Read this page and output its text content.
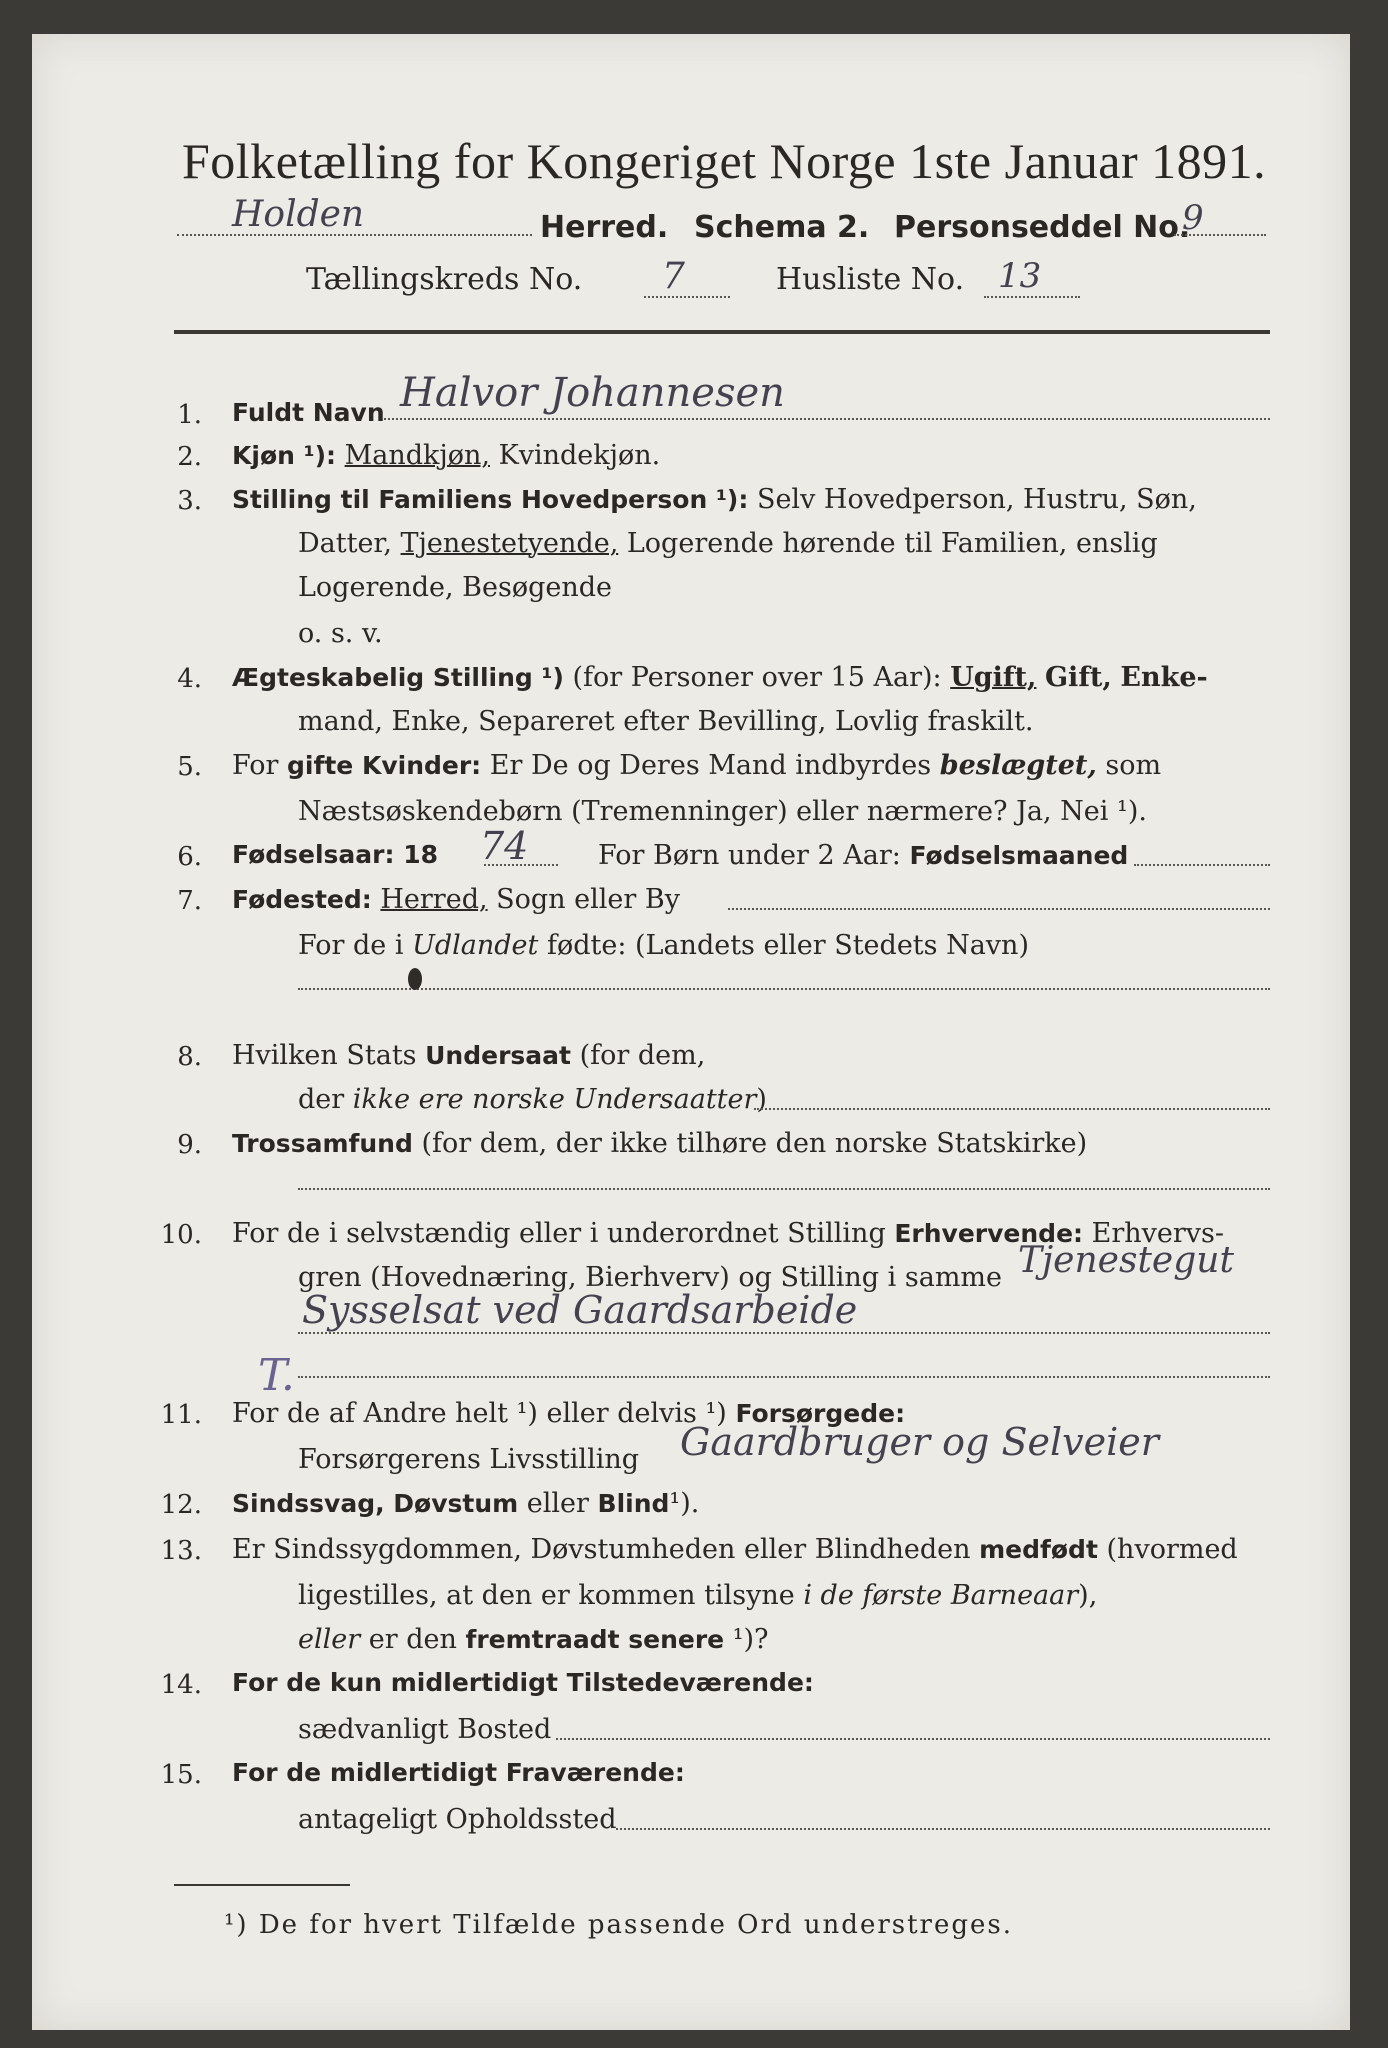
Folketælling for Kongeriget Norge 1ste Januar 1891.
Holden	Herred. Schema 2. Personseddel No.
9
Tællingskreds No. 7	Husliste No. 13
1. Fuldt Navn Halvor Johannesen
2. Kjøn ¹): Mandkjøn, Kvindekjøn.
3. Stilling til Familiens Hovedperson ¹): Selv Hovedperson, Hustru, Søn,
Datter, Tjenestetyende, Logerende hørende til Familien, enslig
Logerende, Besøgende
o. s. v.
4. Ægteskabelig Stilling ¹) (for Personer over 15 Aar): Ugift, Gift, Enke-
mand, Enke, Separeret efter Bevilling, Lovlig fraskilt.
5. For gifte Kvinder: Er De og Deres Mand indbyrdes beslægtet, som
Næstsøskendebørn (Tremenninger) eller nærmere? Ja, Nei ¹).
6. Fødselsaar: 18 74	For Børn under 2 Aar: Fødselsmaaned
7. Fødested: Herred, Sogn eller By
For de i Udlandet fødte: (Landets eller Stedets Navn)
8. Hvilken Stats Undersaat (for dem,
der ikke ere norske Undersaatter)
9. Trossamfund (for dem, der ikke tilhøre den norske Statskirke)
10. For de i selvstændig eller i underordnet Stilling Erhvervende: Erhvervs-
gren (Hovednæring, Bierhverv) og Stilling i samme Tjenestegut
Sysselsat ved Gaardsarbeide
T.
11. For de af Andre helt ¹) eller delvis ¹) Forsørgede:
Forsørgerens Livsstilling Gaardbruger og Selveier
12. Sindssvag, Døvstum eller Blind¹).
13. Er Sindssygdommen, Døvstumheden eller Blindheden medfødt (hvormed
ligestilles, at den er kommen tilsyne i de første Barneaar),
eller er den fremtraadt senere ¹)?
14. For de kun midlertidigt Tilstedeværende:
sædvanligt Bosted
15. For de midlertidigt Fraværende:
antageligt Opholdssted
¹) De for hvert Tilfælde passende Ord understreges.
